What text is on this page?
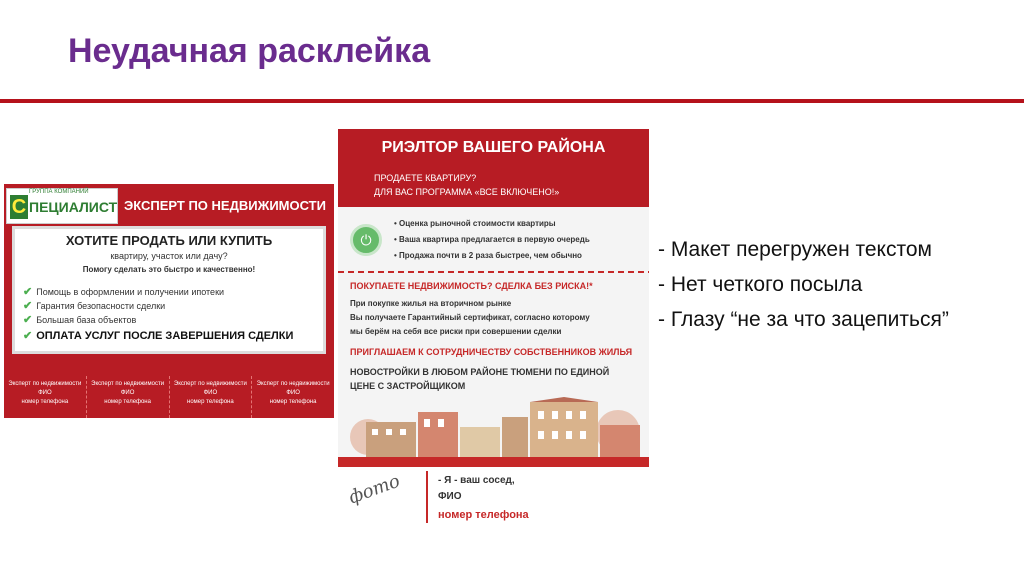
Неудачная расклейка
С
ГРУППА КОМПАНИЙ
ПЕЦИАЛИСТ ЭКСПЕРТ ПО НЕДВИЖИМОСТИ
ХОТИТЕ ПРОДАТЬ ИЛИ КУПИТЬ
квартиру, участок или дачу?
Помогу сделать это быстро и качественно!
✔ Помощь в оформлении и получении ипотеки
✔ Гарантия безопасности сделки
✔ Большая база объектов
✔ ОПЛАТА УСЛУГ ПОСЛЕ ЗАВЕРШЕНИЯ СДЕЛКИ
Эксперт по недвижимости
ФИО
номер телефона
Эксперт по недвижимости
ФИО
номер телефона
Эксперт по недвижимости
ФИО
номер телефона
Эксперт по недвижимости
ФИО
номер телефона
РИЭЛТОР ВАШЕГО РАЙОНА
ПРОДАЕТЕ КВАРТИРУ?
ДЛЯ ВАС ПРОГРАММА «ВСЕ ВКЛЮЧЕНО!»
⏻
• Оценка рыночной стоимости квартиры
• Ваша квартира предлагается в первую очередь
• Продажа почти в 2 раза быстрее, чем обычно
ПОКУПАЕТЕ НЕДВИЖИМОСТЬ? СДЕЛКА БЕЗ РИСКА!*
При покупке жилья на вторичном рынке
Вы получаете Гарантийный сертификат, согласно которому
мы берём на себя все риски при совершении сделки
ПРИГЛАШАЕМ К СОТРУДНИЧЕСТВУ СОБСТВЕННИКОВ ЖИЛЬЯ
НОВОСТРОЙКИ В ЛЮБОМ РАЙОНЕ ТЮМЕНИ ПО ЕДИНОЙ
ЦЕНЕ С ЗАСТРОЙЩИКОМ
фото	- Я - ваш сосед,
ФИО
номер телефона
- Макет перегружен текстом
- Нет четкого посыла
- Глазу “не за что зацепиться”
